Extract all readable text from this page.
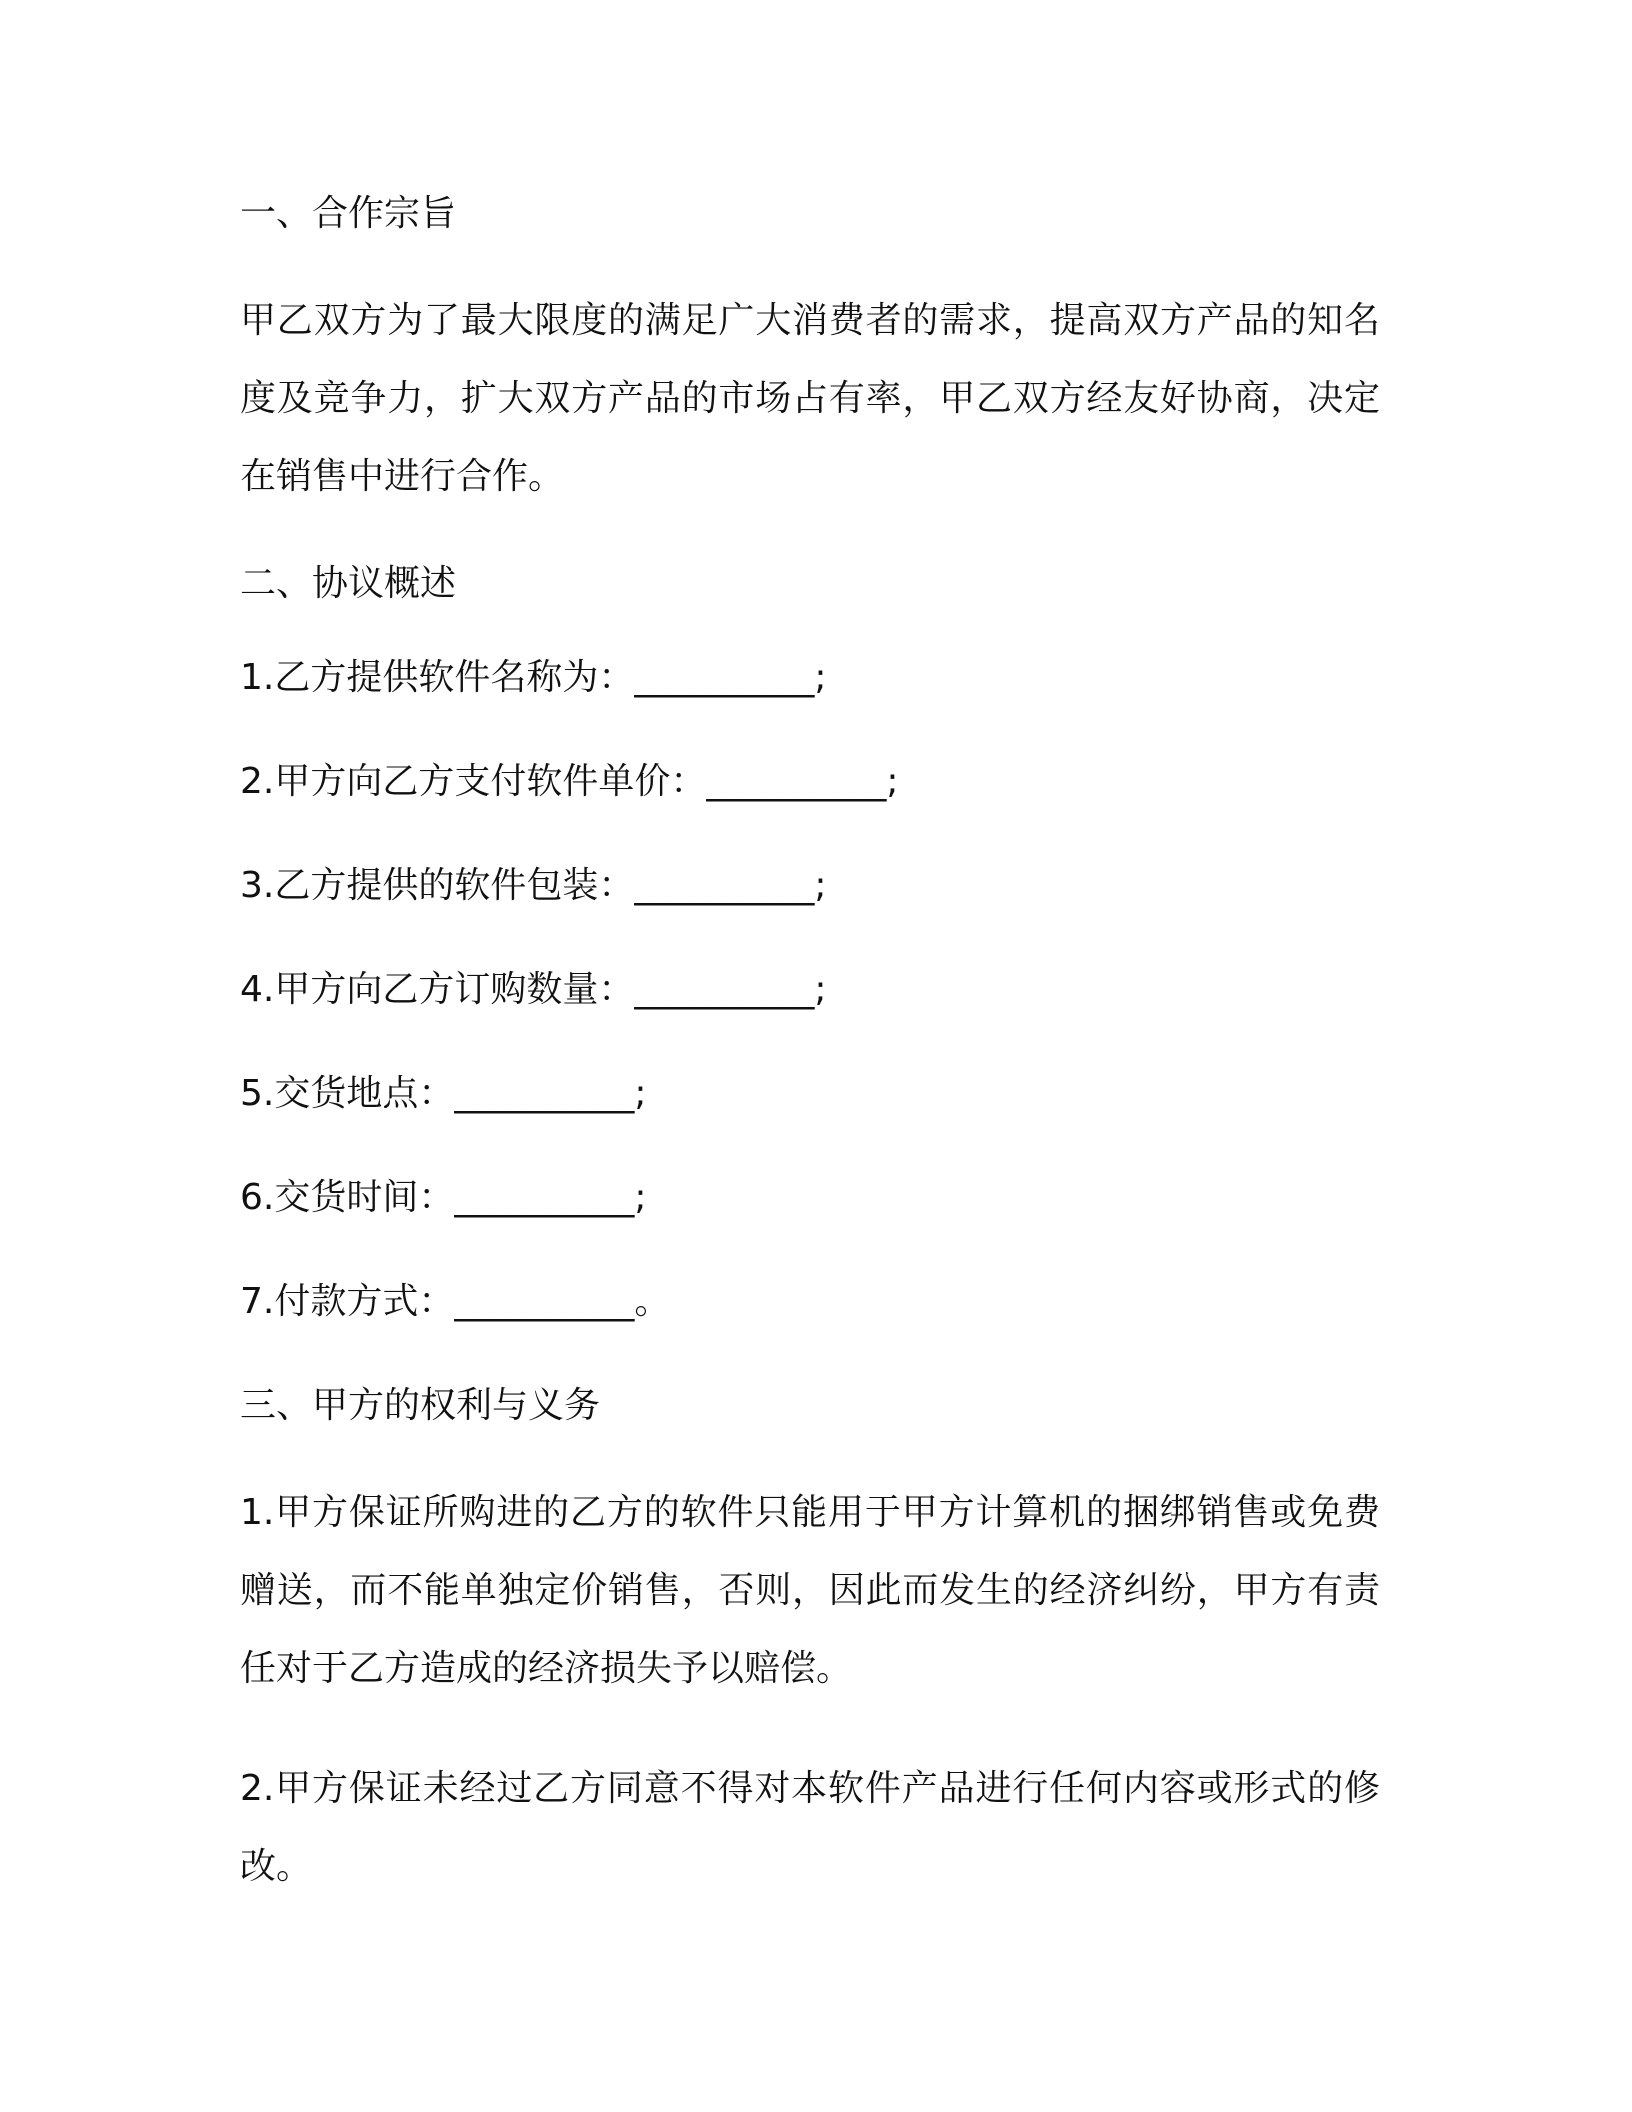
一、合作宗旨

甲乙双方为了最大限度的满足广大消费者的需求，提高双方产品的知名度及竞争力，扩大双方产品的市场占有率，甲乙双方经友好协商，决定在销售中进行合作。

二、协议概述

1.乙方提供软件名称为：__________;

2.甲方向乙方支付软件单价：__________;

3.乙方提供的软件包装：__________;

4.甲方向乙方订购数量：__________;

5.交货地点：__________;

6.交货时间：__________;

7.付款方式：__________。

三、甲方的权利与义务

1.甲方保证所购进的乙方的软件只能用于甲方计算机的捆绑销售或免费赠送，而不能单独定价销售，否则，因此而发生的经济纠纷，甲方有责任对于乙方造成的经济损失予以赔偿。

2.甲方保证未经过乙方同意不得对本软件产品进行任何内容或形式的修改。
